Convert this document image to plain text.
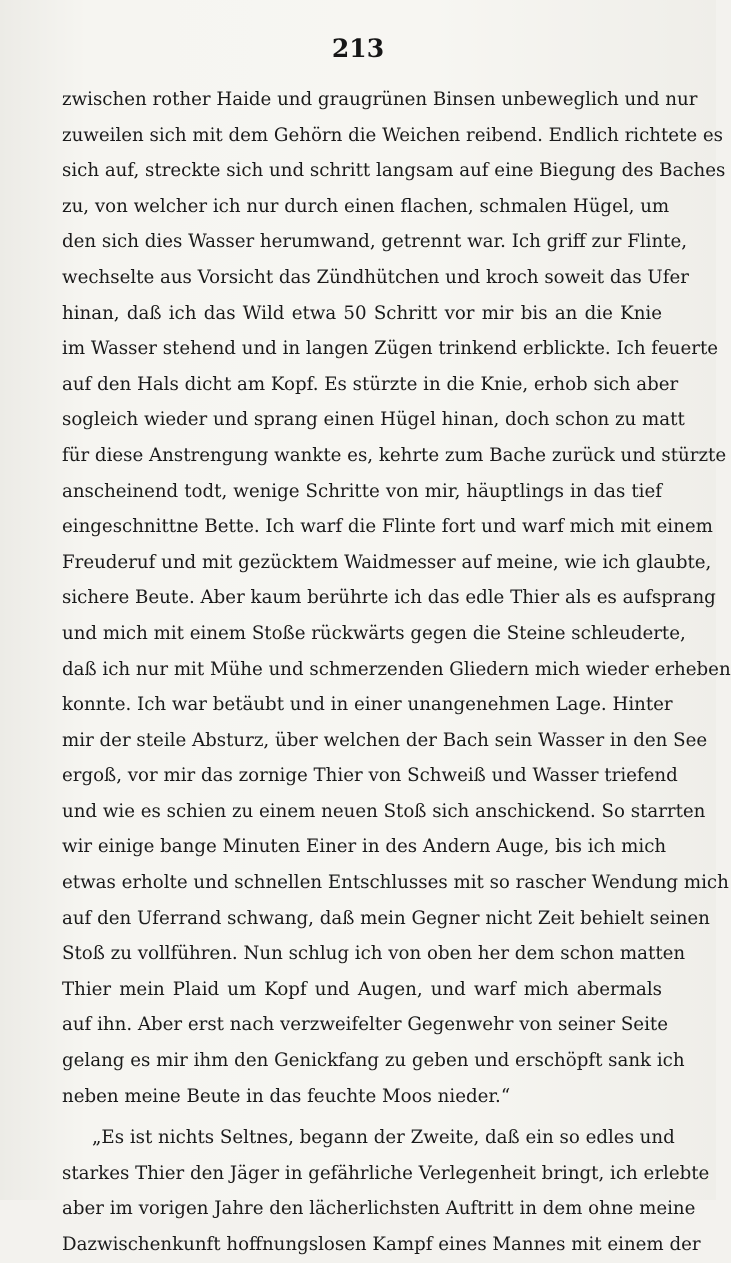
213
zwischen rother Haide und graugrünen Binsen unbeweglich und nur
zuweilen sich mit dem Gehörn die Weichen reibend. Endlich richtete es
sich auf, streckte sich und schritt langsam auf eine Biegung des Baches
zu, von welcher ich nur durch einen flachen, schmalen Hügel, um
den sich dies Wasser herumwand, getrennt war. Ich griff zur Flinte,
wechselte aus Vorsicht das Zündhütchen und kroch soweit das Ufer
hinan, daß ich das Wild etwa 50 Schritt vor mir bis an die Knie
im Wasser stehend und in langen Zügen trinkend erblickte. Ich feuerte
auf den Hals dicht am Kopf. Es stürzte in die Knie, erhob sich aber
sogleich wieder und sprang einen Hügel hinan, doch schon zu matt
für diese Anstrengung wankte es, kehrte zum Bache zurück und stürzte
anscheinend todt, wenige Schritte von mir, häuptlings in das tief
eingeschnittne Bette. Ich warf die Flinte fort und warf mich mit einem
Freuderuf und mit gezücktem Waidmesser auf meine, wie ich glaubte,
sichere Beute. Aber kaum berührte ich das edle Thier als es aufsprang
und mich mit einem Stoße rückwärts gegen die Steine schleuderte,
daß ich nur mit Mühe und schmerzenden Gliedern mich wieder erheben
konnte. Ich war betäubt und in einer unangenehmen Lage. Hinter
mir der steile Absturz, über welchen der Bach sein Wasser in den See
ergoß, vor mir das zornige Thier von Schweiß und Wasser triefend
und wie es schien zu einem neuen Stoß sich anschickend. So starrten
wir einige bange Minuten Einer in des Andern Auge, bis ich mich
etwas erholte und schnellen Entschlusses mit so rascher Wendung mich
auf den Uferrand schwang, daß mein Gegner nicht Zeit behielt seinen
Stoß zu vollführen. Nun schlug ich von oben her dem schon matten
Thier mein Plaid um Kopf und Augen, und warf mich abermals
auf ihn. Aber erst nach verzweifelter Gegenwehr von seiner Seite
gelang es mir ihm den Genickfang zu geben und erschöpft sank ich
neben meine Beute in das feuchte Moos nieder.“
„Es ist nichts Seltnes, begann der Zweite, daß ein so edles und
starkes Thier den Jäger in gefährliche Verlegenheit bringt, ich erlebte
aber im vorigen Jahre den lächerlichsten Auftritt in dem ohne meine
Dazwischenkunft hoffnungslosen Kampf eines Mannes mit einem der
